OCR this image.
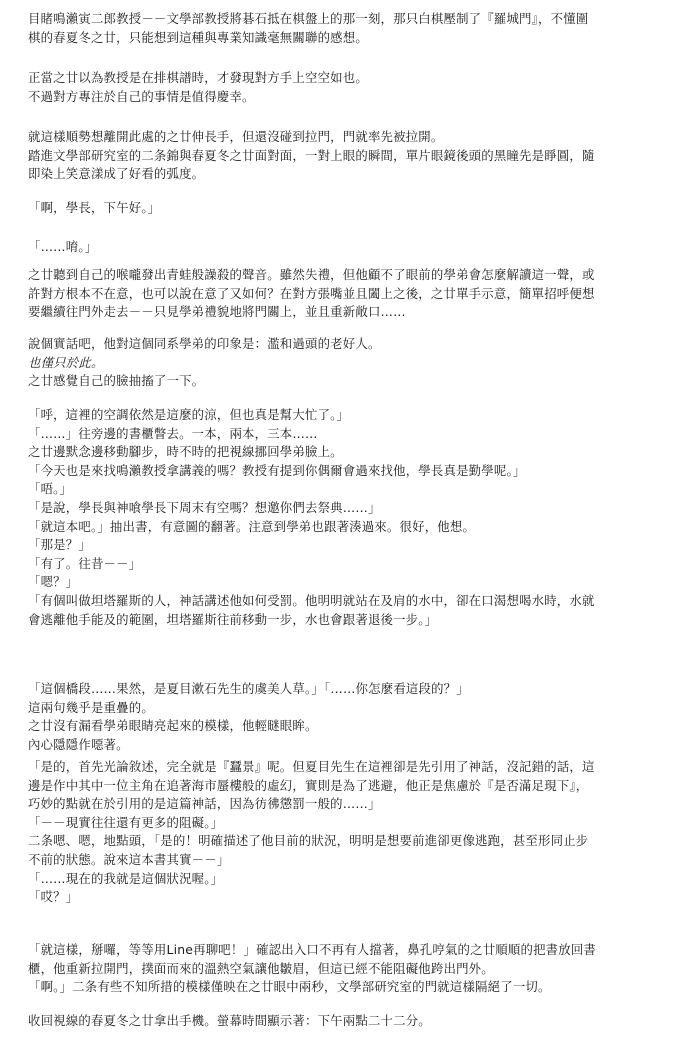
目睹鳴瀨寅二郎教授－－文學部教授將碁石抵在棋盤上的那一刻，那只白棋壓制了『羅城門』，不懂圍
棋的春夏冬之廿，只能想到這種與專業知識毫無關聯的感想。
正當之廿以為教授是在排棋譜時，才發現對方手上空空如也。
不過對方專注於自己的事情是值得慶幸。
就這樣順勢想離開此處的之廿伸長手，但還沒碰到拉門，門就率先被拉開。
踏進文學部研究室的二条錦與春夏冬之廿面對面，一對上眼的瞬間，單片眼鏡後頭的黑瞳先是睜圓，隨
即染上笑意漾成了好看的弧度。
「啊，學長，下午好。」
「……唷。」
之廿聽到自己的喉嚨發出青蛙般譟殺的聲音。雖然失禮，但他顧不了眼前的學弟會怎麼解讀這一聲，或
許對方根本不在意，也可以說在意了又如何？在對方張嘴並且闔上之後，之廿單手示意，簡單招呼便想
要繼續往門外走去－－只見學弟禮貌地將門關上，並且重新敞口……
說個實話吧，他對這個同系學弟的印象是：濫和過頭的老好人。
也僅只於此。
之廿感覺自己的臉抽搐了一下。
「呼，這裡的空調依然是這麼的涼，但也真是幫大忙了。」
「……」往旁邊的書櫃瞥去。一本，兩本，三本……
之廿邊默念邊移動腳步，時不時的把視線挪回學弟臉上。
「今天也是來找鳴瀨教授拿講義的嗎？教授有提到你偶爾會過來找他，學長真是勤學呢。」
「唔。」
「是說，學長與神喰學長下周末有空嗎？想邀你們去祭典……」
「就這本吧。」抽出書，有意圖的翻著。注意到學弟也跟著湊過來。很好，他想。
「那是？」
「有了。往昔－－」
「嗯？」
「有個叫做坦塔羅斯的人，神話講述他如何受罰。他明明就站在及肩的水中，卻在口渴想喝水時，水就
會逃離他手能及的範圍，坦塔羅斯往前移動一步，水也會跟著退後一步。」
「這個橋段……果然，是夏目漱石先生的虞美人草。」「……你怎麼看這段的？」
這兩句幾乎是重疊的。
之廿沒有漏看學弟眼睛亮起來的模樣，他輕瞇眼眸。
內心隱隱作噁著。
「是的，首先光論敘述，完全就是『蠶景』呢。但夏目先生在這裡卻是先引用了神話，沒記錯的話，這
邊是作中其中一位主角在追著海市蜃樓般的虛幻，實則是為了逃避，他正是焦慮於『是否滿足現下』，
巧妙的點就在於引用的是這篇神話，因為彷彿懲罰一般的……」
「－－現實往往還有更多的阻礙。」
二条嗯、嗯，地點頭，「是的！明確描述了他目前的狀況，明明是想要前進卻更像逃跑，甚至形同止步
不前的狀態。說來這本書其實－－」
「……現在的我就是這個狀況喔。」
「哎？」
「就這樣，掰囉，等等用Line再聊吧！」確認出入口不再有人擋著，鼻孔哼氣的之廿順順的把書放回書
櫃，他重新拉開門，撲面而來的溫熱空氣讓他皺眉，但這已經不能阻礙他跨出門外。
「啊。」二条有些不知所措的模樣僅映在之廿眼中兩秒，文學部研究室的門就這樣隔絕了一切。
收回視線的春夏冬之廿拿出手機。螢幕時間顯示著：下午兩點二十二分。
